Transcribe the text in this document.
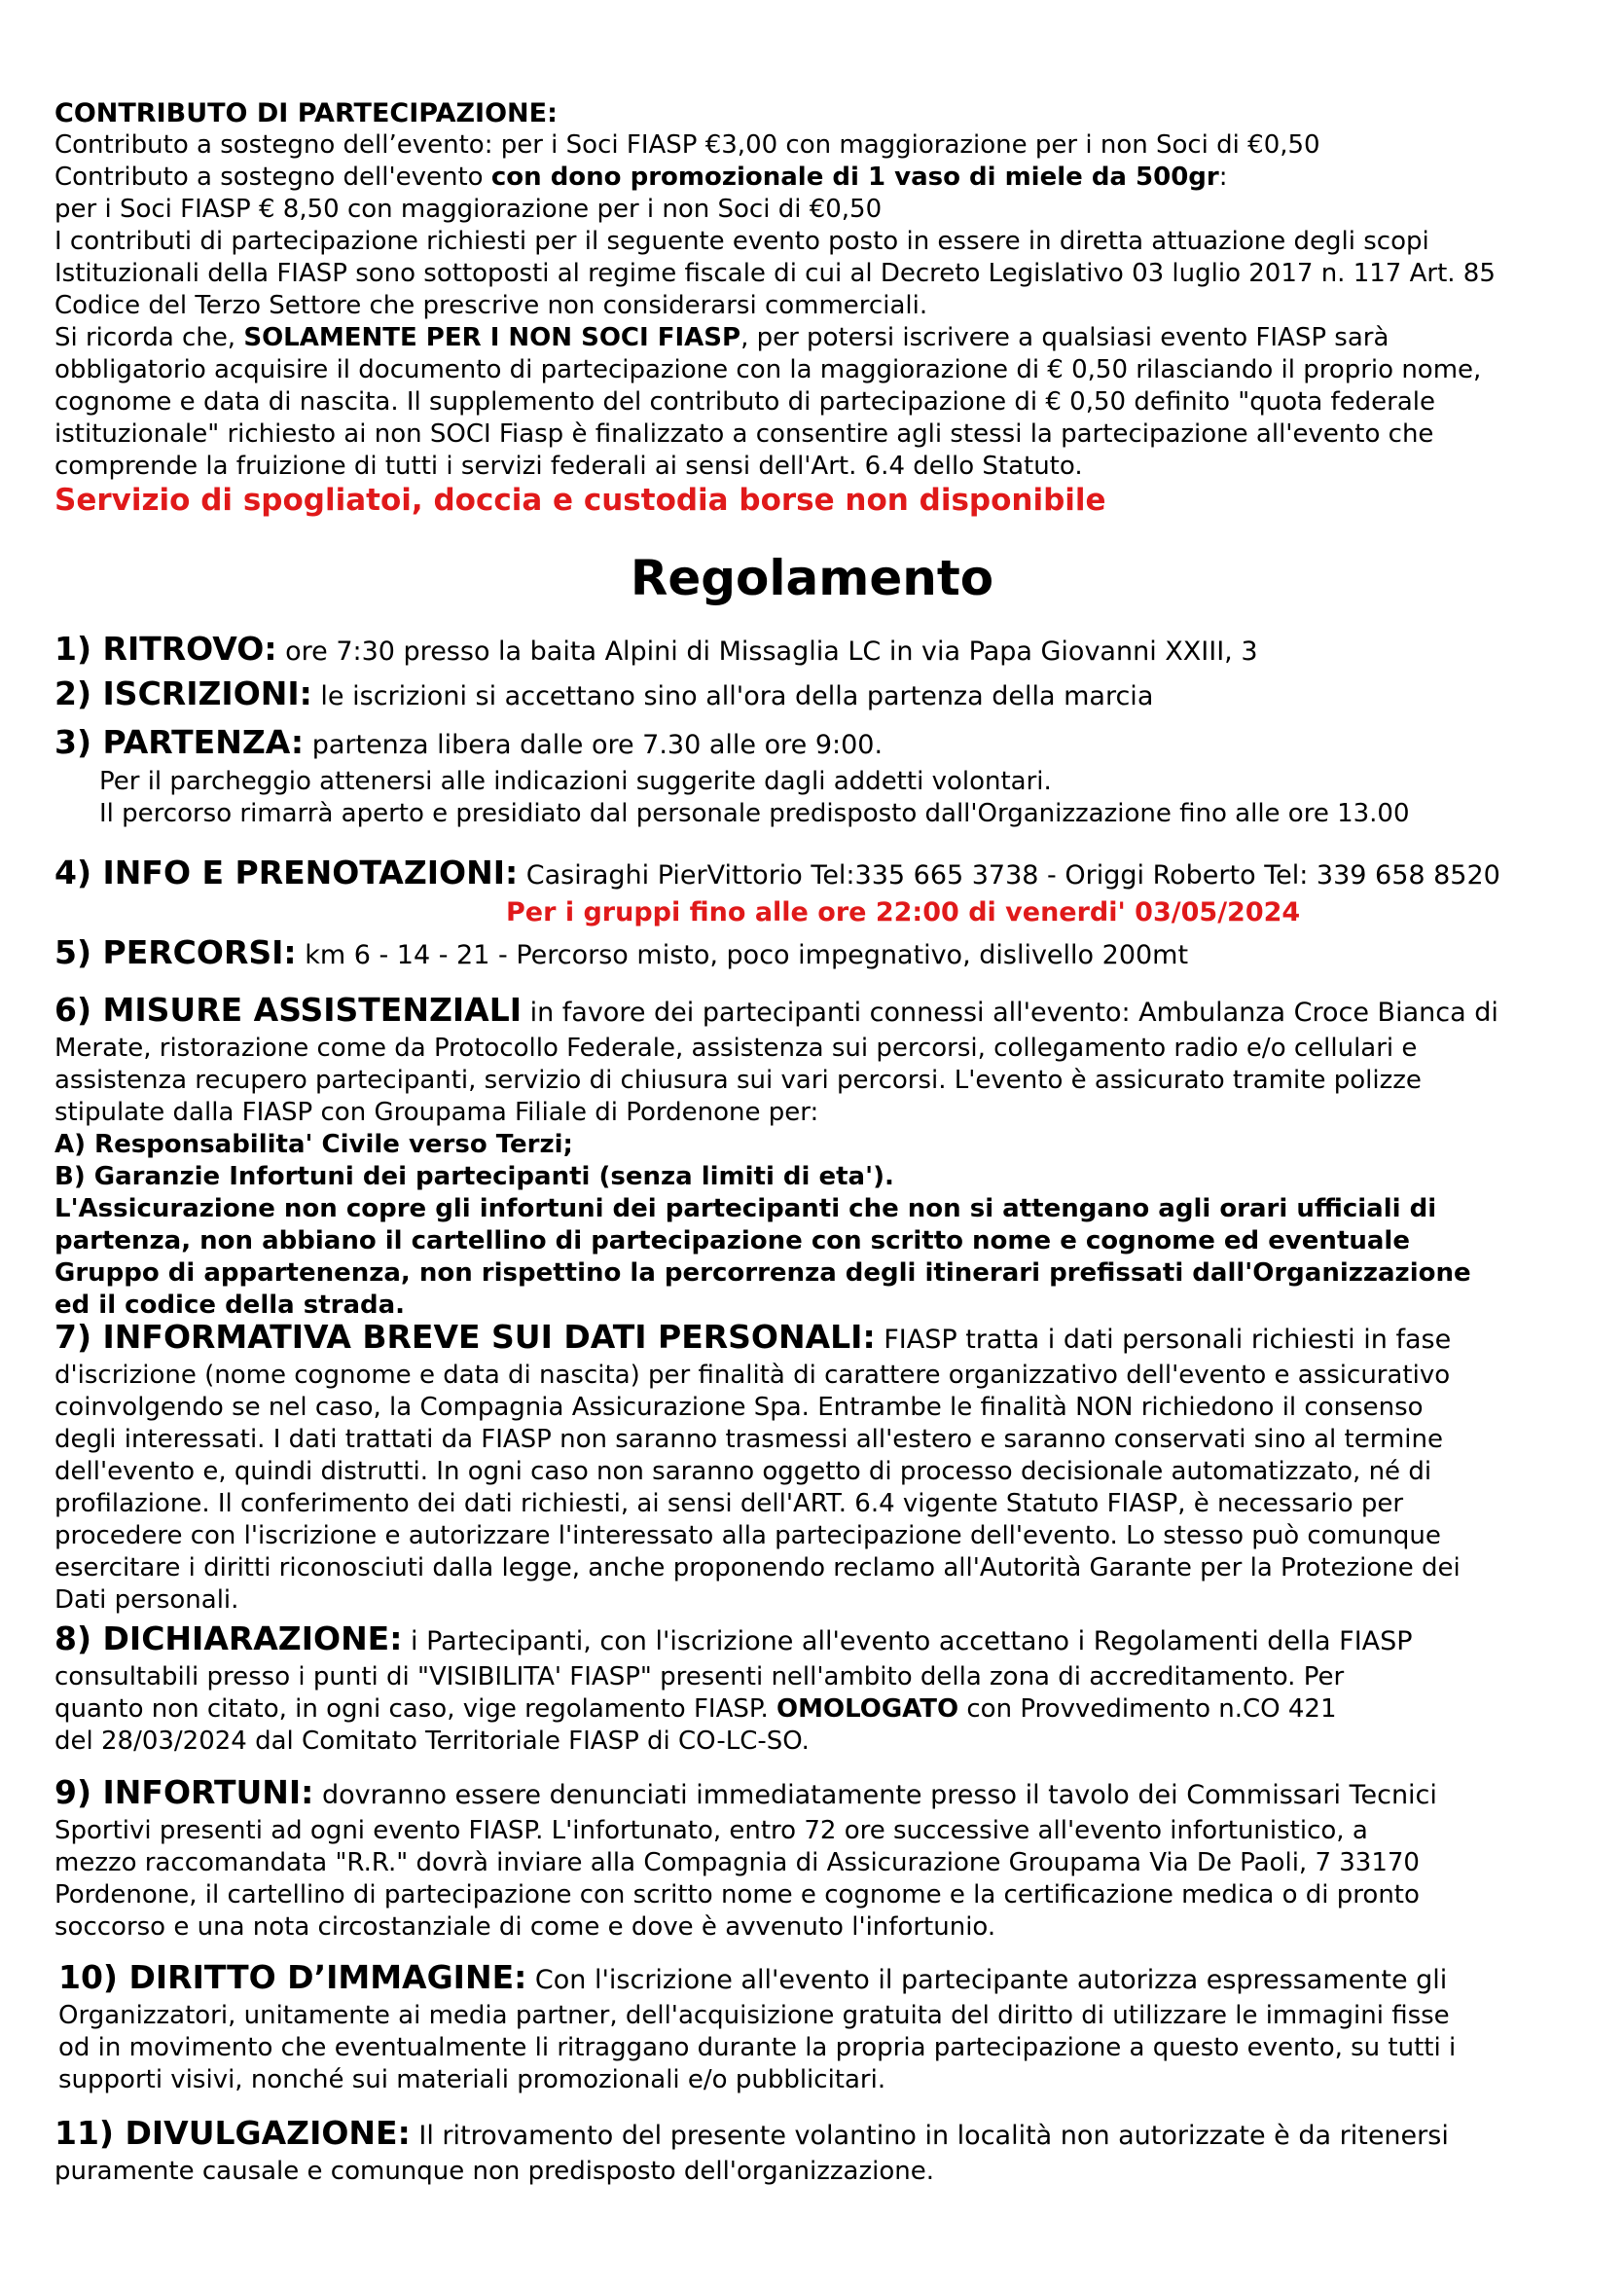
CONTRIBUTO DI PARTECIPAZIONE:
Contributo a sostegno dell’evento: per i Soci FIASP €3,00 con maggiorazione per i non Soci di €0,50
Contributo a sostegno dell'evento con dono promozionale di 1 vaso di miele da 500gr:
per i Soci FIASP € 8,50 con maggiorazione per i non Soci di €0,50
I contributi di partecipazione richiesti per il seguente evento posto in essere in diretta attuazione degli scopi
Istituzionali della FIASP sono sottoposti al regime fiscale di cui al Decreto Legislativo 03 luglio 2017 n. 117 Art. 85
Codice del Terzo Settore che prescrive non considerarsi commerciali.
Si ricorda che, SOLAMENTE PER I NON SOCI FIASP, per potersi iscrivere a qualsiasi evento FIASP sarà
obbligatorio acquisire il documento di partecipazione con la maggiorazione di € 0,50 rilasciando il proprio nome,
cognome e data di nascita. Il supplemento del contributo di partecipazione di € 0,50 definito "quota federale
istituzionale" richiesto ai non SOCI Fiasp è finalizzato a consentire agli stessi la partecipazione all'evento che
comprende la fruizione di tutti i servizi federali ai sensi dell'Art. 6.4 dello Statuto.
Servizio di spogliatoi, doccia e custodia borse non disponibile
Regolamento
1) RITROVO: ore 7:30 presso la baita Alpini di Missaglia LC in via Papa Giovanni XXIII, 3
2) ISCRIZIONI: le iscrizioni si accettano sino all'ora della partenza della marcia
3) PARTENZA: partenza libera dalle ore 7.30 alle ore 9:00.
Per il parcheggio attenersi alle indicazioni suggerite dagli addetti volontari.
Il percorso rimarrà aperto e presidiato dal personale predisposto dall'Organizzazione fino alle ore 13.00
4) INFO E PRENOTAZIONI: Casiraghi PierVittorio Tel:335 665 3738 - Origgi Roberto Tel: 339 658 8520
Per i gruppi fino alle ore 22:00 di venerdi' 03/05/2024
5) PERCORSI: km 6 - 14 - 21 - Percorso misto, poco impegnativo, dislivello 200mt
6) MISURE ASSISTENZIALI in favore dei partecipanti connessi all'evento: Ambulanza Croce Bianca di
Merate, ristorazione come da Protocollo Federale, assistenza sui percorsi, collegamento radio e/o cellulari e
assistenza recupero partecipanti, servizio di chiusura sui vari percorsi. L'evento è assicurato tramite polizze
stipulate dalla FIASP con Groupama Filiale di Pordenone per:
A) Responsabilita' Civile verso Terzi;
B) Garanzie Infortuni dei partecipanti (senza limiti di eta').
L'Assicurazione non copre gli infortuni dei partecipanti che non si attengano agli orari ufficiali di
partenza, non abbiano il cartellino di partecipazione con scritto nome e cognome ed eventuale
Gruppo di appartenenza, non rispettino la percorrenza degli itinerari prefissati dall'Organizzazione
ed il codice della strada.
7) INFORMATIVA BREVE SUI DATI PERSONALI: FIASP tratta i dati personali richiesti in fase
d'iscrizione (nome cognome e data di nascita) per finalità di carattere organizzativo dell'evento e assicurativo
coinvolgendo se nel caso, la Compagnia Assicurazione Spa. Entrambe le finalità NON richiedono il consenso
degli interessati. I dati trattati da FIASP non saranno trasmessi all'estero e saranno conservati sino al termine
dell'evento e, quindi distrutti. In ogni caso non saranno oggetto di processo decisionale automatizzato, né di
profilazione. Il conferimento dei dati richiesti, ai sensi dell'ART. 6.4 vigente Statuto FIASP, è necessario per
procedere con l'iscrizione e autorizzare l'interessato alla partecipazione dell'evento. Lo stesso può comunque
esercitare i diritti riconosciuti dalla legge, anche proponendo reclamo all'Autorità Garante per la Protezione dei
Dati personali.
8) DICHIARAZIONE: i Partecipanti, con l'iscrizione all'evento accettano i Regolamenti della FIASP
consultabili presso i punti di "VISIBILITA' FIASP" presenti nell'ambito della zona di accreditamento. Per
quanto non citato, in ogni caso, vige regolamento FIASP. OMOLOGATO con Provvedimento n.CO 421
del 28/03/2024 dal Comitato Territoriale FIASP di CO-LC-SO.
9) INFORTUNI: dovranno essere denunciati immediatamente presso il tavolo dei Commissari Tecnici
Sportivi presenti ad ogni evento FIASP. L'infortunato, entro 72 ore successive all'evento infortunistico, a
mezzo raccomandata "R.R." dovrà inviare alla Compagnia di Assicurazione Groupama Via De Paoli, 7 33170
Pordenone, il cartellino di partecipazione con scritto nome e cognome e la certificazione medica o di pronto
soccorso e una nota circostanziale di come e dove è avvenuto l'infortunio.
10) DIRITTO D’IMMAGINE: Con l'iscrizione all'evento il partecipante autorizza espressamente gli
Organizzatori, unitamente ai media partner, dell'acquisizione gratuita del diritto di utilizzare le immagini fisse
od in movimento che eventualmente li ritraggano durante la propria partecipazione a questo evento, su tutti i
supporti visivi, nonché sui materiali promozionali e/o pubblicitari.
11) DIVULGAZIONE: Il ritrovamento del presente volantino in località non autorizzate è da ritenersi
puramente causale e comunque non predisposto dell'organizzazione.
